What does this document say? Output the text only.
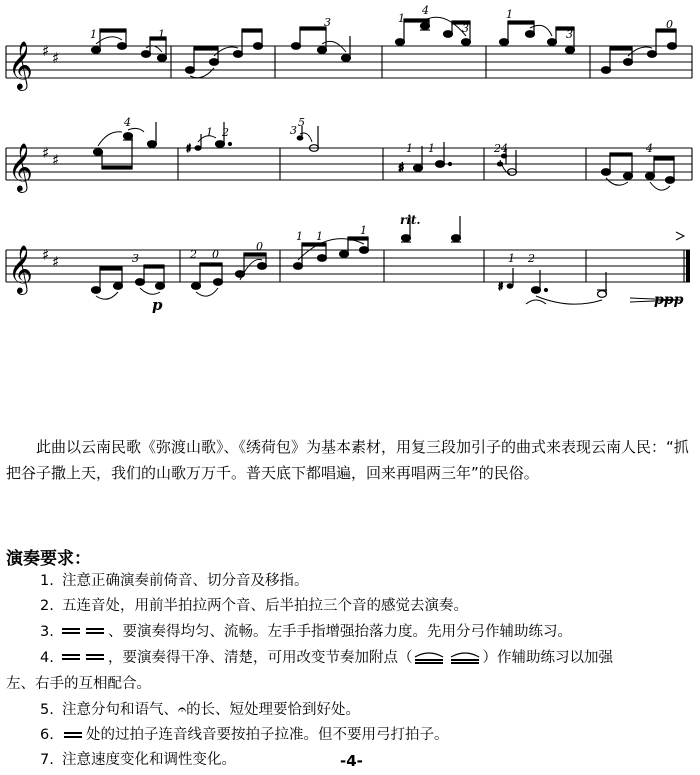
𝄞 ♯ ♯
1	1
3	1
4
3
1
3
0
𝄞 ♯ ♯
♯
♯
4
1 2	3
5
1 1	2 4	4
𝄞 ♯ ♯
♯
3	2 0
0
1 1	1
1 2
rit.
p	ppp
此曲以云南民歌《弥渡山歌》、《绣荷包》为基本素材，用复三段加引子的曲式来表现云南人民：“抓把谷子撒上天，我们的山歌万万千。普天底下都唱遍，回来再唱两三年”的民俗。
演奏要求：
1. 注意正确演奏前倚音、切分音及移指。
2. 五连音处，用前半拍拉两个音、后半拍拉三个音的感觉去演奏。
3.	、要演奏得均匀、流畅。左手手指增强抬落力度。先用分弓作辅助练习。
4.	，要演奏得干净、清楚，可用改变节奏加附点（	）作辅助练习以加强
左、右手的互相配合。
5. 注意分句和语气、𝄐的长、短处理要恰到好处。
6. 处的过拍子连音线音要按拍子拉准。但不要用弓打拍子。
7. 注意速度变化和调性变化。	-4-
